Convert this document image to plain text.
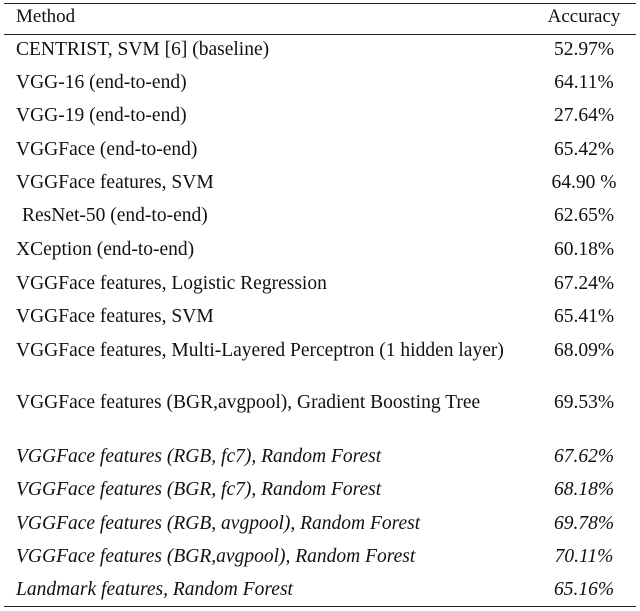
Method	Accuracy
CENTRIST, SVM [6] (baseline)	52.97%
VGG-16 (end-to-end)	64.11%
VGG-19 (end-to-end)	27.64%
VGGFace (end-to-end)	65.42%
VGGFace features, SVM	64.90 %
ResNet-50 (end-to-end)	62.65%
XCeption (end-to-end)	60.18%
VGGFace features, Logistic Regression	67.24%
VGGFace features, SVM	65.41%
VGGFace features, Multi-Layered Perceptron (1 hidden layer)	68.09%
VGGFace features (BGR,avgpool), Gradient Boosting Tree	69.53%
VGGFace features (RGB, fc7), Random Forest	67.62%
VGGFace features (BGR, fc7), Random Forest	68.18%
VGGFace features (RGB, avgpool), Random Forest	69.78%
VGGFace features (BGR,avgpool), Random Forest	70.11%
Landmark features, Random Forest	65.16%
